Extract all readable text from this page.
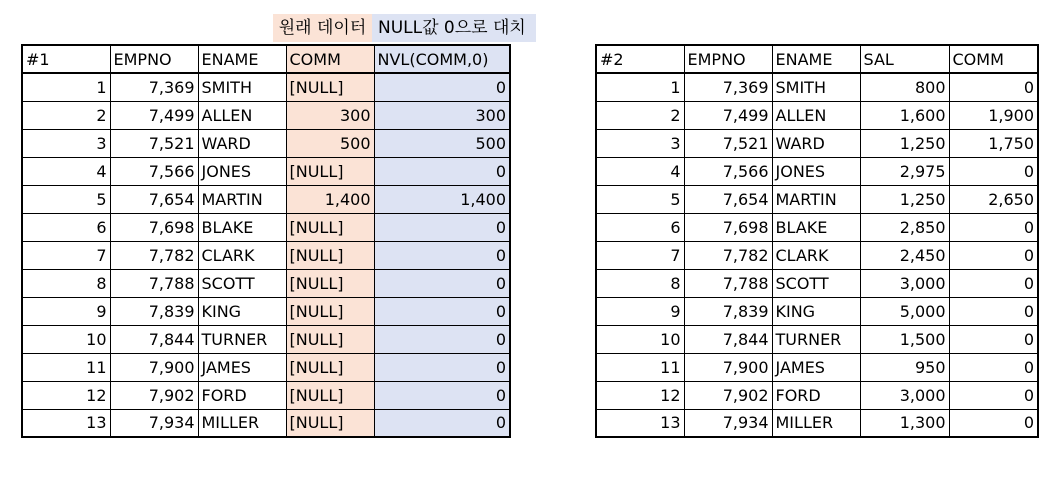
원래 데이터 NULL값 0으로 대치
#1	EMPNO	ENAME	COMM	NVL(COMM,0)
1	7,369	SMITH	[NULL]	0
2	7,499	ALLEN	300	300
3	7,521	WARD	500	500
4	7,566	JONES	[NULL]	0
5	7,654	MARTIN	1,400	1,400
6	7,698	BLAKE	[NULL]	0
7	7,782	CLARK	[NULL]	0
8	7,788	SCOTT	[NULL]	0
9	7,839	KING	[NULL]	0
10	7,844	TURNER	[NULL]	0
11	7,900	JAMES	[NULL]	0
12	7,902	FORD	[NULL]	0
13	7,934	MILLER	[NULL]	0
#2	EMPNO	ENAME	SAL	COMM
1	7,369	SMITH	800	0
2	7,499	ALLEN	1,600	1,900
3	7,521	WARD	1,250	1,750
4	7,566	JONES	2,975	0
5	7,654	MARTIN	1,250	2,650
6	7,698	BLAKE	2,850	0
7	7,782	CLARK	2,450	0
8	7,788	SCOTT	3,000	0
9	7,839	KING	5,000	0
10	7,844	TURNER	1,500	0
11	7,900	JAMES	950	0
12	7,902	FORD	3,000	0
13	7,934	MILLER	1,300	0
